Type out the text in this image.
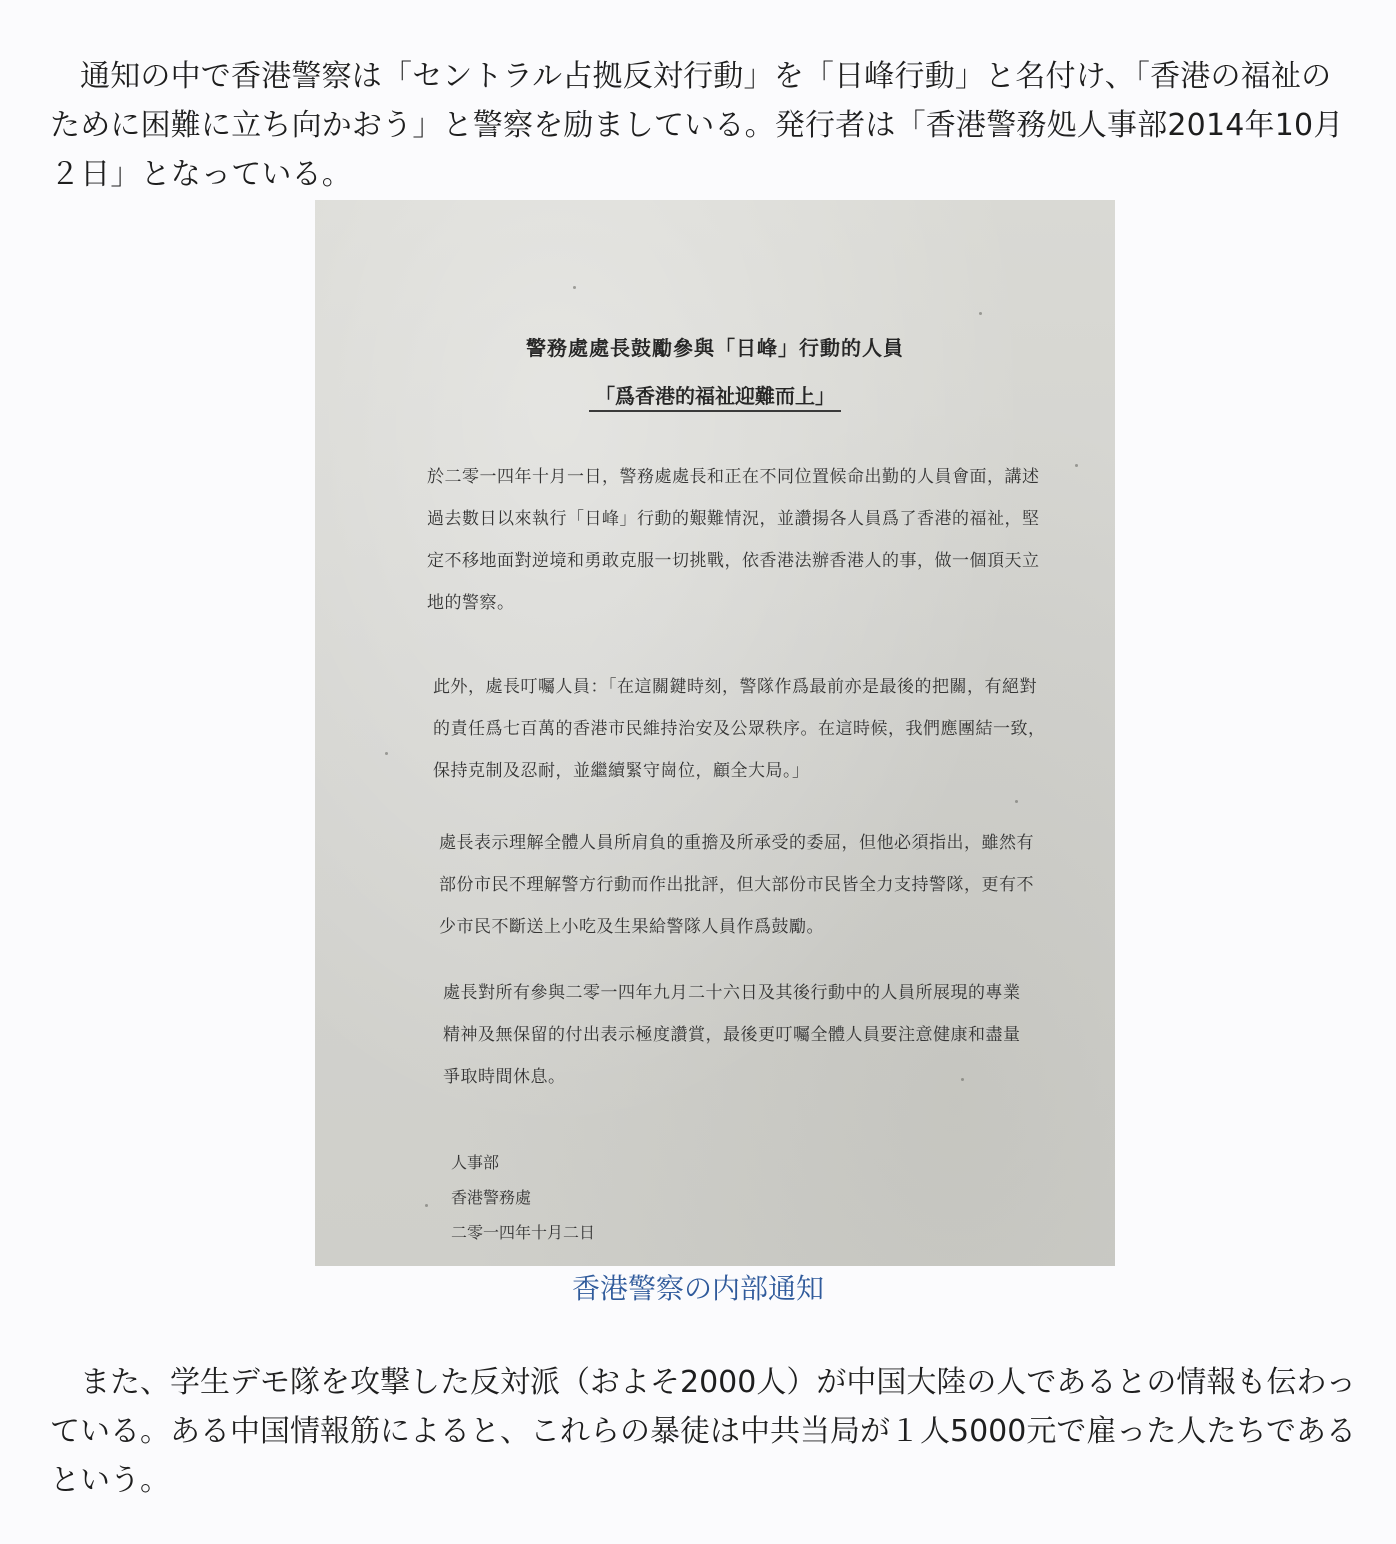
通知の中で香港警察は「セントラル占拠反対行動」を「日峰行動」と名付け、「香港の福祉のために困難に立ち向かおう」と警察を励ましている。発行者は「香港警務処人事部2014年10月２日」となっている。

警務處處長鼓勵參與「日峰」行動的人員
「爲香港的福祉迎難而上」
於二零一四年十月一日，警務處處長和正在不同位置候命出勤的人員會面，講述過去數日以來執行「日峰」行動的艱難情況，並讚揚各人員爲了香港的福祉，堅定不移地面對逆境和勇敢克服一切挑戰，依香港法辦香港人的事，做一個頂天立地的警察。
此外，處長叮囑人員：「在這關鍵時刻，警隊作爲最前亦是最後的把關，有絕對的責任爲七百萬的香港市民維持治安及公眾秩序。在這時候，我們應團結一致，保持克制及忍耐，並繼續緊守崗位，顧全大局。」
處長表示理解全體人員所肩負的重擔及所承受的委屈，但他必須指出，雖然有部份市民不理解警方行動而作出批評，但大部份市民皆全力支持警隊，更有不少市民不斷送上小吃及生果給警隊人員作爲鼓勵。
處長對所有參與二零一四年九月二十六日及其後行動中的人員所展現的專業精神及無保留的付出表示極度讚賞，最後更叮囑全體人員要注意健康和盡量爭取時間休息。
人事部
香港警務處
二零一四年十月二日
香港警察の内部通知

また、学生デモ隊を攻撃した反対派（およそ2000人）が中国大陸の人であるとの情報も伝わっている。ある中国情報筋によると、これらの暴徒は中共当局が１人5000元で雇った人たちであるという。
